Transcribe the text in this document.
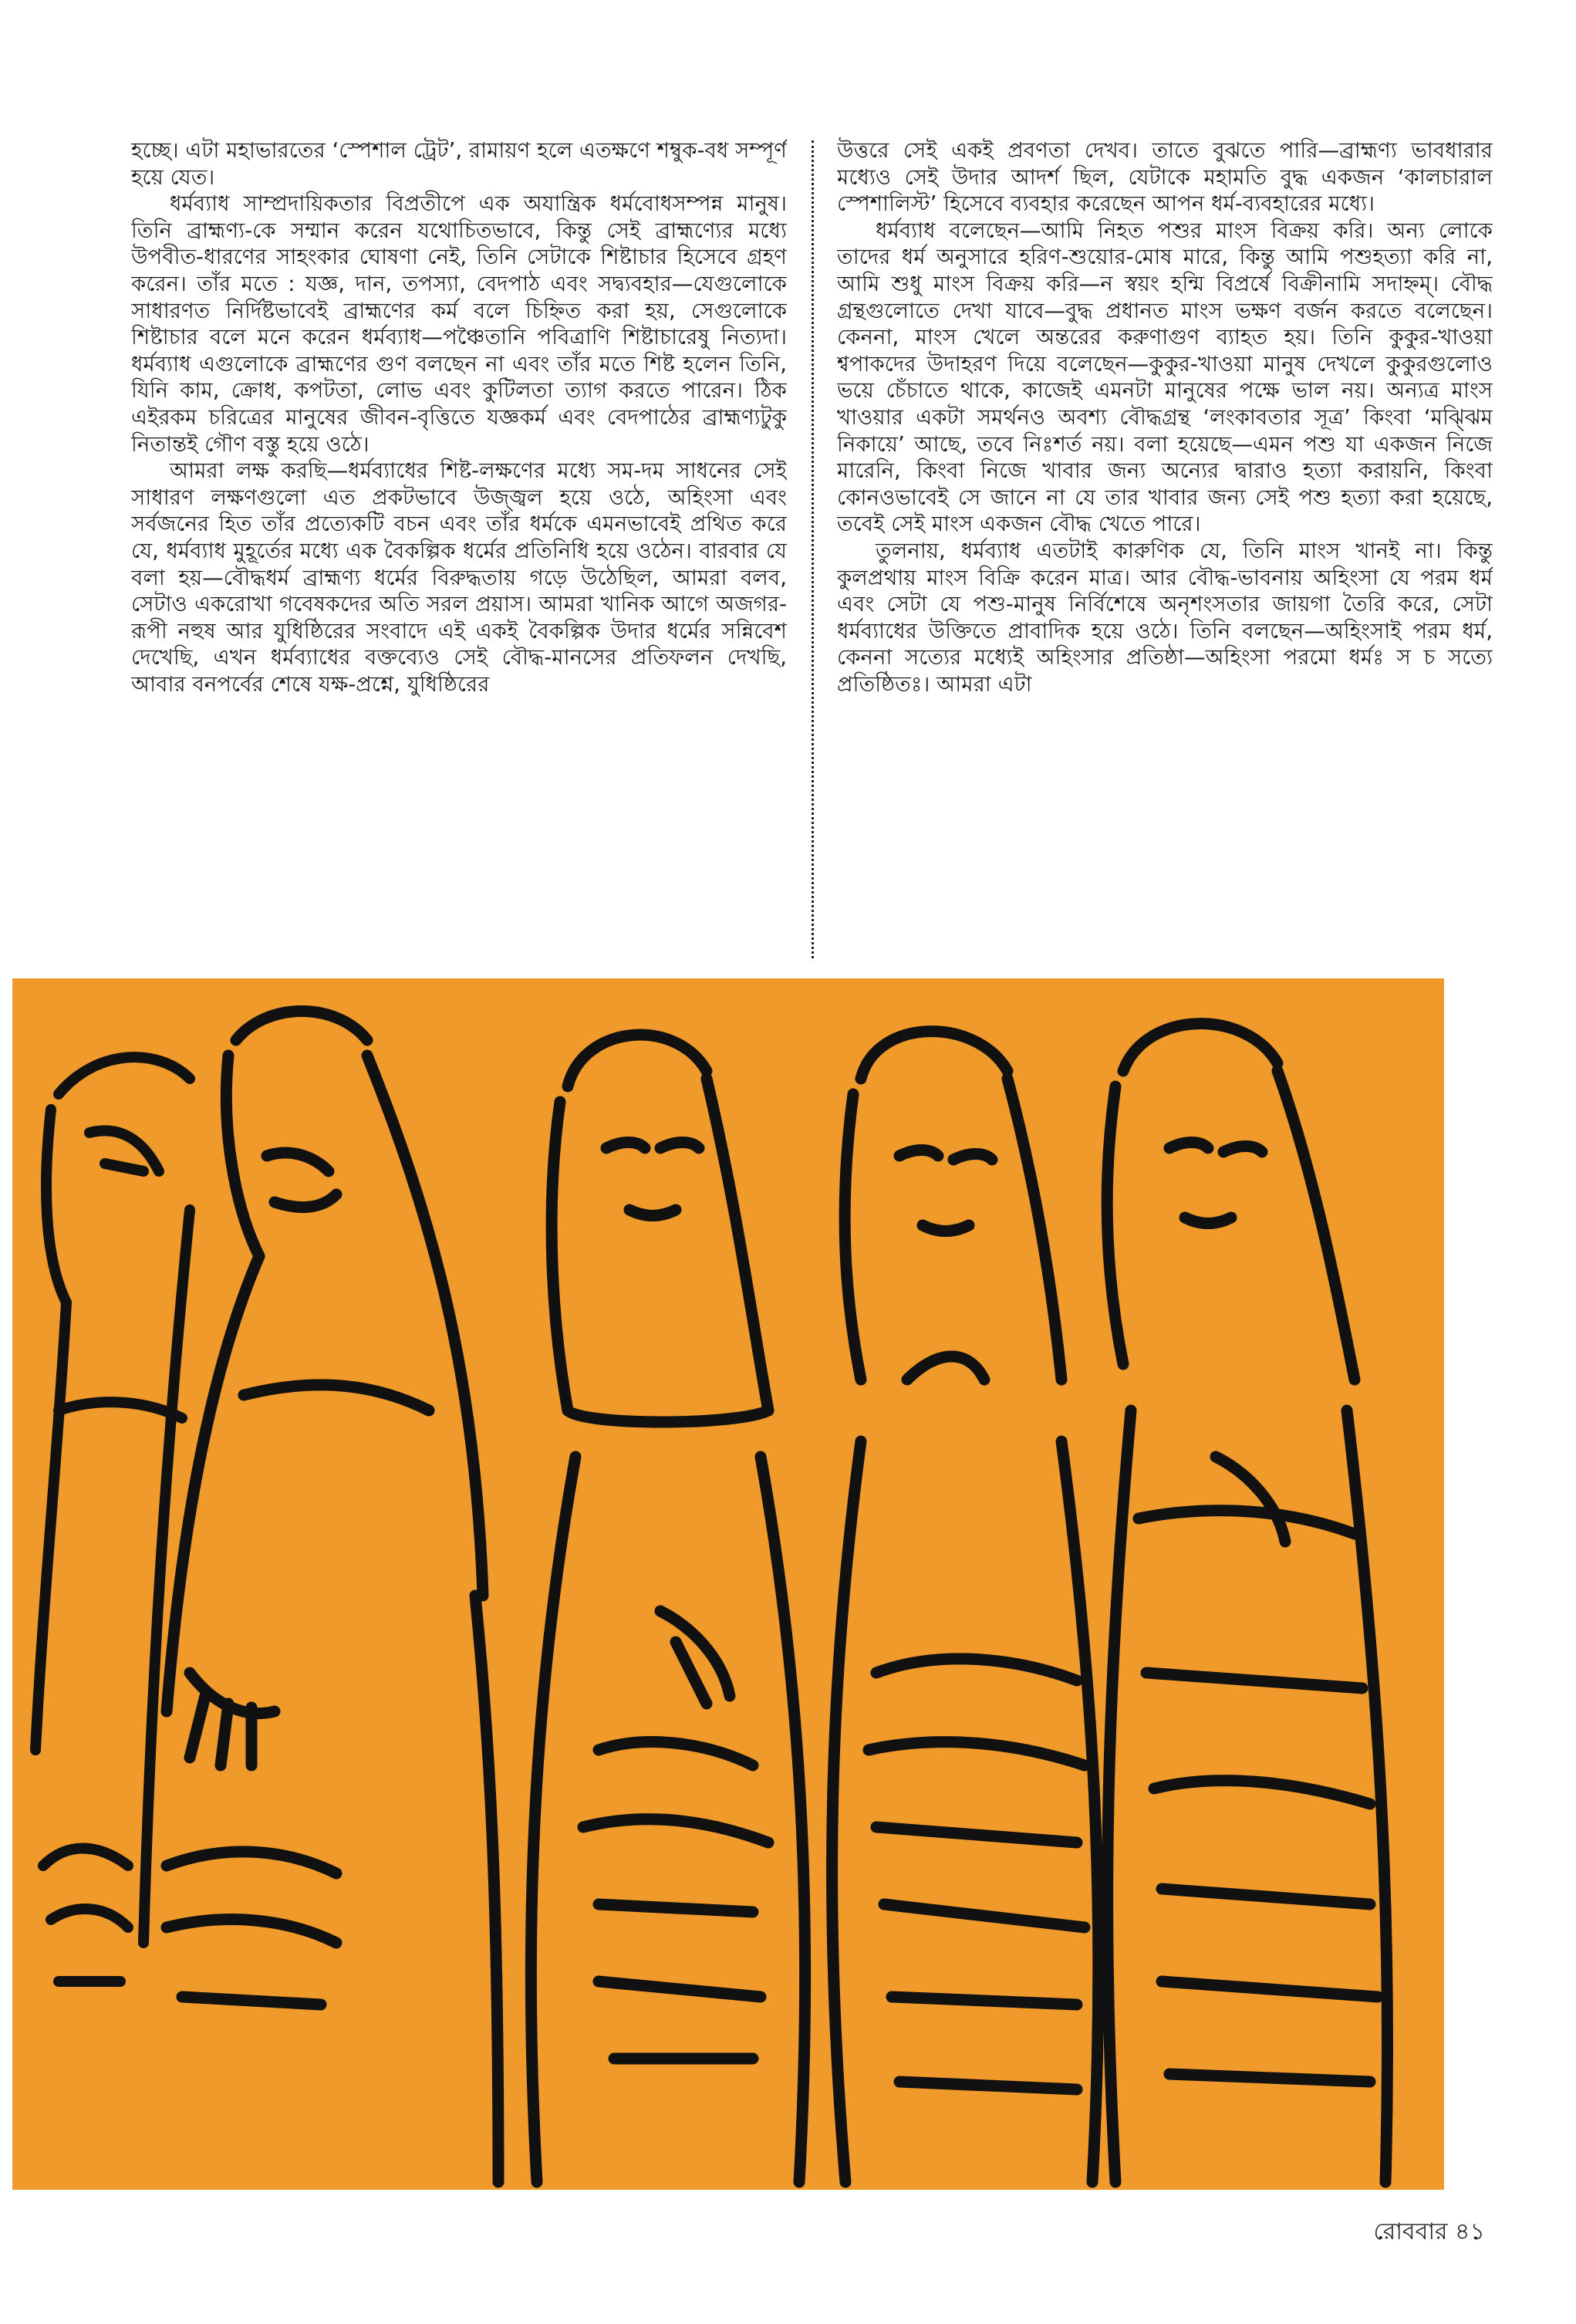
হচ্ছে। এটা মহাভারতের ‘স্পেশাল ট্রেট’, রামায়ণ হলে এতক্ষণে শম্বুক-বধ সম্পূর্ণ হয়ে যেত।

ধর্মব্যাধ সাম্প্রদায়িকতার বিপ্রতীপে এক অযান্ত্রিক ধর্মবোধসম্পন্ন মানুষ। তিনি ব্রাহ্মণ্য-কে সম্মান করেন যথোচিতভাবে, কিন্তু সেই ব্রাহ্মণ্যের মধ্যে উপবীত-ধারণের সাহংকার ঘোষণা নেই, তিনি সেটাকে শিষ্টাচার হিসেবে গ্রহণ করেন। তাঁর মতে : যজ্ঞ, দান, তপস্যা, বেদপাঠ এবং সদ্ব্যবহার—যেগুলোকে সাধারণত নির্দিষ্টভাবেই ব্রাহ্মণের কর্ম বলে চিহ্নিত করা হয়, সেগুলোকে শিষ্টাচার বলে মনে করেন ধর্মব্যাধ—পঞ্চৈতানি পবিত্রাণি শিষ্টাচারেষু নিত্যদা। ধর্মব্যাধ এগুলোকে ব্রাহ্মণের গুণ বলছেন না এবং তাঁর মতে শিষ্ট হলেন তিনি, যিনি কাম, ক্রোধ, কপটতা, লোভ এবং কুটিলতা ত্যাগ করতে পারেন। ঠিক এইরকম চরিত্রের মানুষের জীবন-বৃত্তিতে যজ্ঞকর্ম এবং বেদপাঠের ব্রাহ্মণ্যটুকু নিতান্তই গৌণ বস্তু হয়ে ওঠে।

আমরা লক্ষ করছি—ধর্মব্যাধের শিষ্ট-লক্ষণের মধ্যে সম-দম সাধনের সেই সাধারণ লক্ষণগুলো এত প্রকটভাবে উজ্জ্বল হয়ে ওঠে, অহিংসা এবং সর্বজনের হিত তাঁর প্রত্যেকটি বচন এবং তাঁর ধর্মকে এমনভাবেই প্রথিত করে যে, ধর্মব্যাধ মুহূর্তের মধ্যে এক বৈকল্পিক ধর্মের প্রতিনিধি হয়ে ওঠেন। বারবার যে বলা হয়—বৌদ্ধধর্ম ব্রাহ্মণ্য ধর্মের বিরুদ্ধতায় গড়ে উঠেছিল, আমরা বলব, সেটাও একরোখা গবেষকদের অতি সরল প্রয়াস। আমরা খানিক আগে অজগর-রূপী নহুষ আর যুধিষ্ঠিরের সংবাদে এই একই বৈকল্পিক উদার ধর্মের সন্নিবেশ দেখেছি, এখন ধর্মব্যাধের বক্তব্যেও সেই বৌদ্ধ-মানসের প্রতিফলন দেখছি, আবার বনপর্বের শেষে যক্ষ-প্রশ্নে, যুধিষ্ঠিরের

উত্তরে সেই একই প্রবণতা দেখব। তাতে বুঝতে পারি—ব্রাহ্মণ্য ভাবধারার মধ্যেও সেই উদার আদর্শ ছিল, যেটাকে মহামতি বুদ্ধ একজন ‘কালচারাল স্পেশালিস্ট’ হিসেবে ব্যবহার করেছেন আপন ধর্ম-ব্যবহারের মধ্যে।

ধর্মব্যাধ বলেছেন—আমি নিহত পশুর মাংস বিক্রয় করি। অন্য লোকে তাদের ধর্ম অনুসারে হরিণ-শুয়োর-মোষ মারে, কিন্তু আমি পশুহত্যা করি না, আমি শুধু মাংস বিক্রয় করি—ন স্বয়ং হন্মি বিপ্রর্ষে বিক্রীনামি সদাহ্নম্। বৌদ্ধ গ্রন্থগুলোতে দেখা যাবে—বুদ্ধ প্রধানত মাংস ভক্ষণ বর্জন করতে বলেছেন। কেননা, মাংস খেলে অন্তরের করুণাগুণ ব্যাহত হয়। তিনি কুকুর-খাওয়া শ্বপাকদের উদাহরণ দিয়ে বলেছেন—কুকুর-খাওয়া মানুষ দেখলে কুকুরগুলোও ভয়ে চেঁচাতে থাকে, কাজেই এমনটা মানুষের পক্ষে ভাল নয়। অন্যত্র মাংস খাওয়ার একটা সমর্থনও অবশ্য বৌদ্ধগ্রন্থ ‘লংকাবতার সূত্র’ কিংবা ‘মঝ্ঝিম নিকায়ে’ আছে, তবে নিঃশর্ত নয়। বলা হয়েছে—এমন পশু যা একজন নিজে মারেনি, কিংবা নিজে খাবার জন্য অন্যের দ্বারাও হত্যা করায়নি, কিংবা কোনওভাবেই সে জানে না যে তার খাবার জন্য সেই পশু হত্যা করা হয়েছে, তবেই সেই মাংস একজন বৌদ্ধ খেতে পারে।

তুলনায়, ধর্মব্যাধ এতটাই কারুণিক যে, তিনি মাংস খানই না। কিন্তু কুলপ্রথায় মাংস বিক্রি করেন মাত্র। আর বৌদ্ধ-ভাবনায় অহিংসা যে পরম ধর্ম এবং সেটা যে পশু-মানুষ নির্বিশেষে অনৃশংসতার জায়গা তৈরি করে, সেটা ধর্মব্যাধের উক্তিতে প্রাবাদিক হয়ে ওঠে। তিনি বলছেন—অহিংসাই পরম ধর্ম, কেননা সত্যের মধ্যেই অহিংসার প্রতিষ্ঠা—অহিংসা পরমো ধর্মঃ স চ সত্যে প্রতিষ্ঠিতঃ। আমরা এটা

রোববার ৪১
